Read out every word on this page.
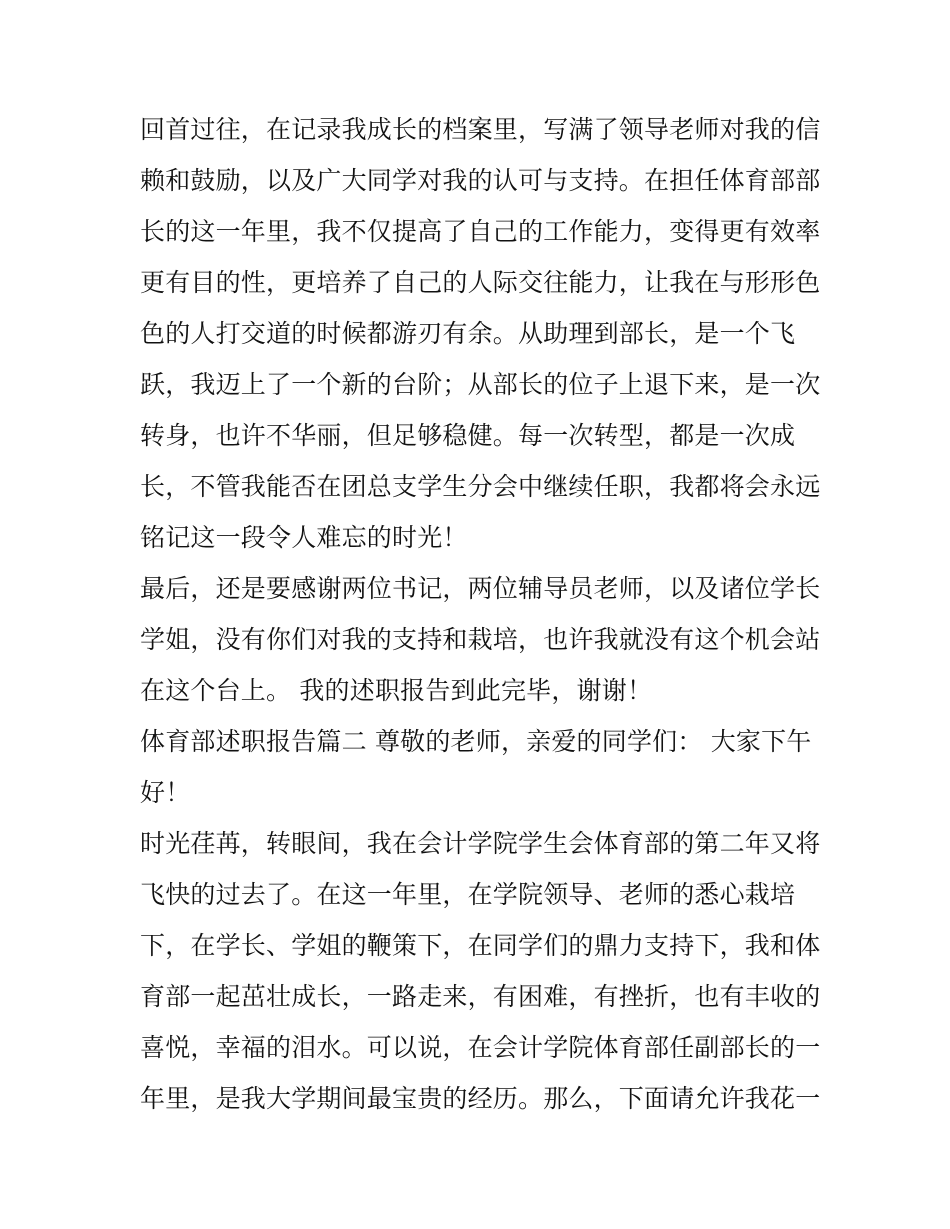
回首过往，在记录我成长的档案里，写满了领导老师对我的信
赖和鼓励，以及广大同学对我的认可与支持。在担任体育部部
长的这一年里，我不仅提高了自己的工作能力，变得更有效率
更有目的性，更培养了自己的人际交往能力，让我在与形形色
色的人打交道的时候都游刃有余。从助理到部长，是一个飞
跃，我迈上了一个新的台阶；从部长的位子上退下来，是一次
转身，也许不华丽，但足够稳健。每一次转型，都是一次成
长，不管我能否在团总支学生分会中继续任职，我都将会永远
铭记这一段令人难忘的时光！
最后，还是要感谢两位书记，两位辅导员老师，以及诸位学长
学姐，没有你们对我的支持和栽培，也许我就没有这个机会站
在这个台上。 我的述职报告到此完毕，谢谢！
体育部述职报告篇二 尊敬的老师，亲爱的同学们： 大家下午
好！
时光荏苒，转眼间，我在会计学院学生会体育部的第二年又将
飞快的过去了。在这一年里，在学院领导、老师的悉心栽培
下，在学长、学姐的鞭策下，在同学们的鼎力支持下，我和体
育部一起茁壮成长，一路走来，有困难，有挫折，也有丰收的
喜悦，幸福的泪水。可以说，在会计学院体育部任副部长的一
年里，是我大学期间最宝贵的经历。那么，下面请允许我花一
